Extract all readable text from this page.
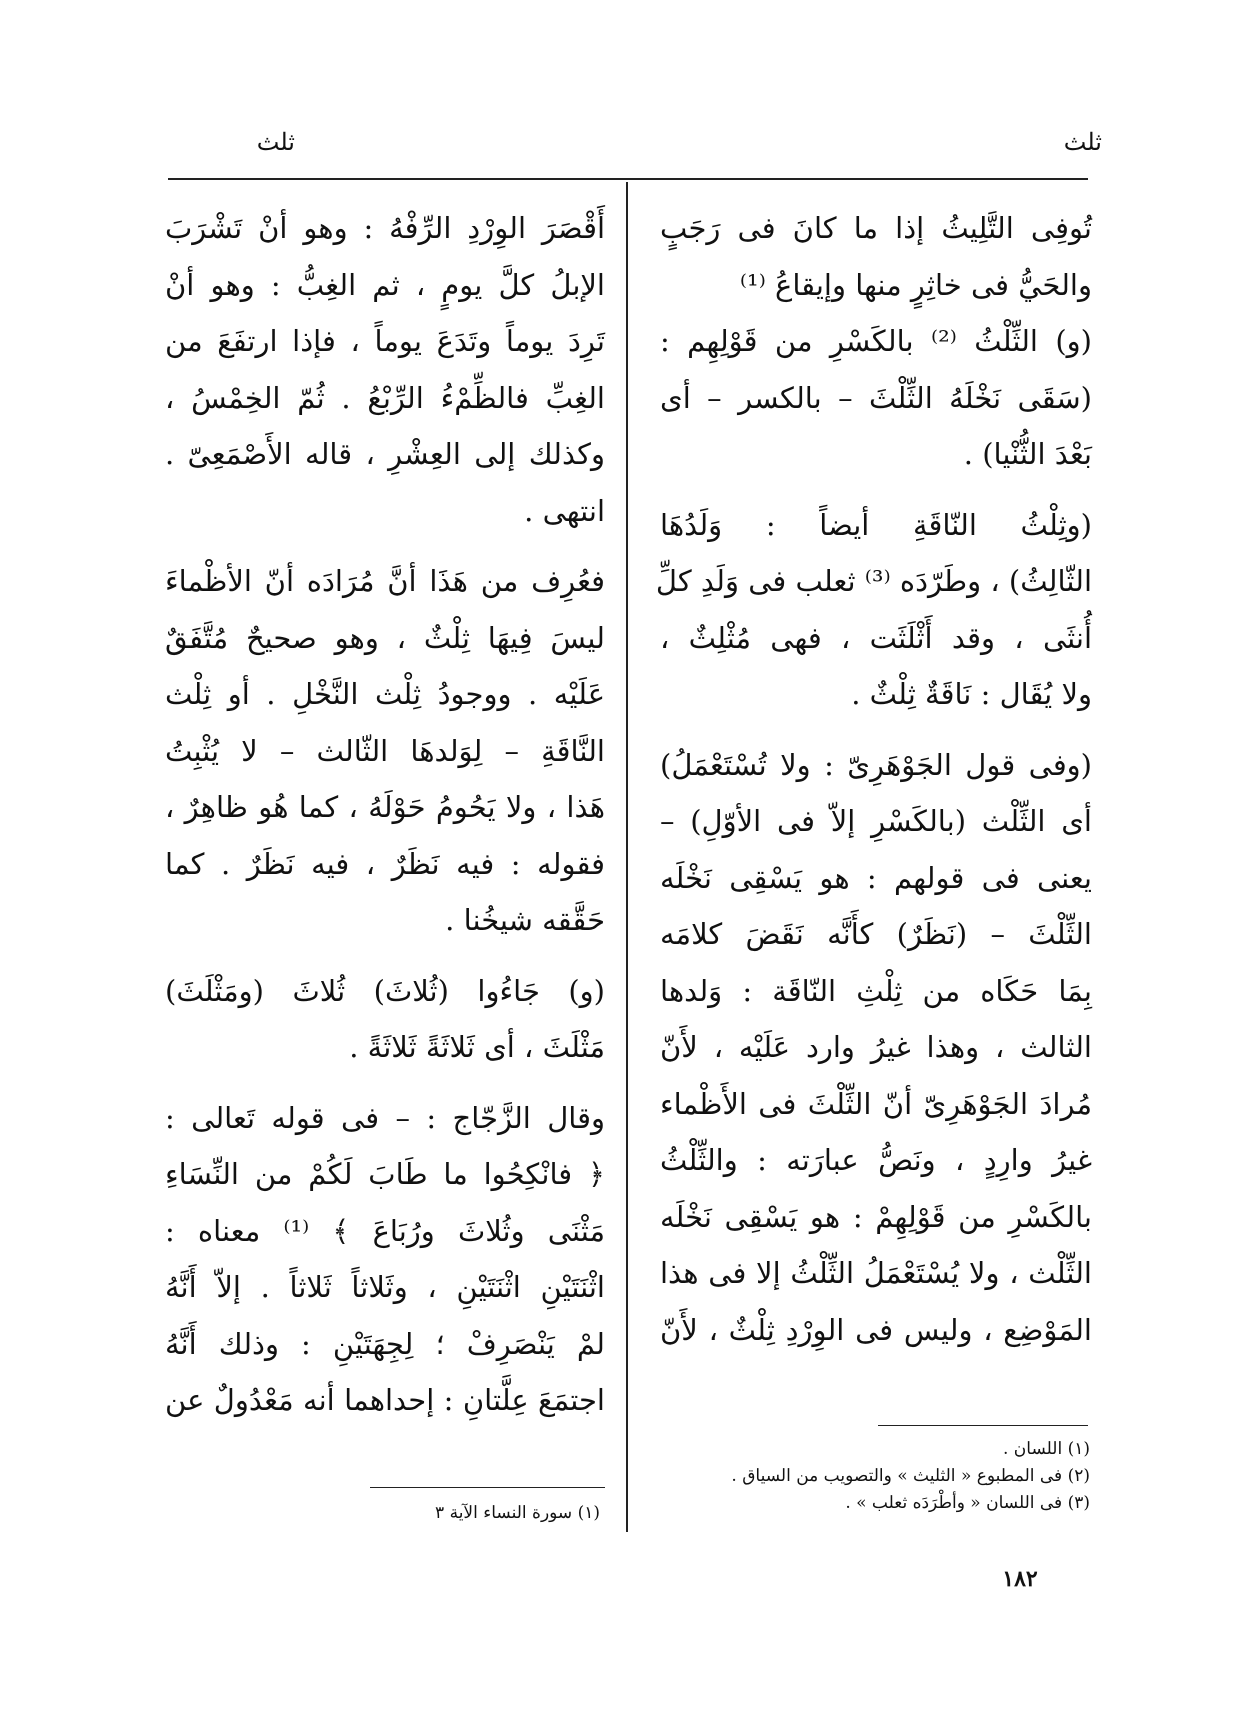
ثلث
ثلث
تُوفِى التَّلِيثُ إذا ما كانَ فى رَجَبٍ
والحَيُّ فى خاثِرٍ منها وإيقاعُ ⁽¹⁾
(و) الثِّلْثُ ⁽²⁾ بالكَسْرِ من قَوْلِهِم :
(سَقَى نَخْلَهُ الثِّلْثَ – بالكسر – أى
بَعْدَ الثُّنْيا) .
(وثِلْثُ النّاقَةِ أيضاً : وَلَدُهَا
الثّالِثُ) ، وطَرّدَه ⁽³⁾ ثعلب فى وَلَدِ كلِّ
أُنثَى ، وقد أَثْلَثَت ، فهى مُثْلِثٌ ،
ولا يُقَال : نَاقَةٌ ثِلْثٌ .
(وفى قول الجَوْهَرِىّ : ولا تُسْتَعْمَلُ)
أى الثِّلْث (بالكَسْرِ إلاّ فى الأوّلِ) –
يعنى فى قولهم : هو يَسْقِى نَخْلَه
الثِّلْثَ – (نَظَرٌ) كأَنَّه نَقَضَ كلامَه
بِمَا حَكَاه من ثِلْثِ النّاقَة : وَلدها
الثالث ، وهذا غيرُ وارد عَلَيْه ، لأَنّ
مُرادَ الجَوْهَرِىّ أنّ الثِّلْثَ فى الأَظْماء
غيرُ وارِدٍ ، ونَصُّ عبارَته : والثِّلْثُ
بالكَسْرِ من قَوْلِهِمْ : هو يَسْقِى نَخْلَه
الثِّلْث ، ولا يُسْتَعْمَلُ الثِّلْثُ إلا فى هذا
المَوْضِع ، وليس فى الوِرْدِ ثِلْثٌ ، لأَنّ
أَقْصَرَ الوِرْدِ الرِّفْهُ : وهو أنْ تَشْرَبَ
الإبلُ كلَّ يومٍ ، ثم الغِبُّ : وهو أنْ
تَرِدَ يوماً وتَدَعَ يوماً ، فإذا ارتفَعَ من
الغِبِّ فالظِّمْءُ الرِّبْعُ . ثُمّ الخِمْسُ ،
وكذلك إلى العِشْرِ ، قاله الأَصْمَعِىّ .
انتهى .
فعُرِف من هَذَا أنَّ مُرَادَه أنّ الأظْماءَ
ليسَ فِيهَا ثِلْثٌ ، وهو صحيحٌ مُتَّفَقٌ
عَلَيْه . ووجودُ ثِلْث النَّخْلِ . أو ثِلْث
النَّاقَةِ – لِوَلدهَا الثّالث – لا يُثْبِتُ
هَذا ، ولا يَحُومُ حَوْلَهُ ، كما هُو ظاهِرٌ ،
فقوله : فيه نَظَرٌ ، فيه نَظَرٌ . كما
حَقَّقه شيخُنا .
(و) جَاءُوا (ثُلاثَ) ثُلاثَ (ومَثْلَثَ)
مَثْلَثَ ، أى ثَلاثَةً ثَلاثَةً .
وقال الزَّجّاج : – فى قوله تَعالى :
﴿ فانْكِحُوا ما طَابَ لَكُمْ من النِّسَاءِ
مَثْنَى وثُلاثَ ورُبَاعَ ﴾ ⁽¹⁾ معناه :
اثْنَتَيْنِ اثْنَتَيْنِ ، وثَلاثاً ثَلاثاً . إلاّ أَنَّهُ
لمْ يَنْصَرِفْ ؛ لِجِهَتَيْنِ : وذلك أَنَّهُ
اجتمَعَ عِلَّتانِ : إحداهما أنه مَعْدُولٌ عن
(١) اللسان .
(٢) فى المطبوع « الثليث » والتصويب من السياق .
(٣) فى اللسان « وأطْرَدَه ثعلب » .
(١) سورة النساء الآية ٣
١٨٢
